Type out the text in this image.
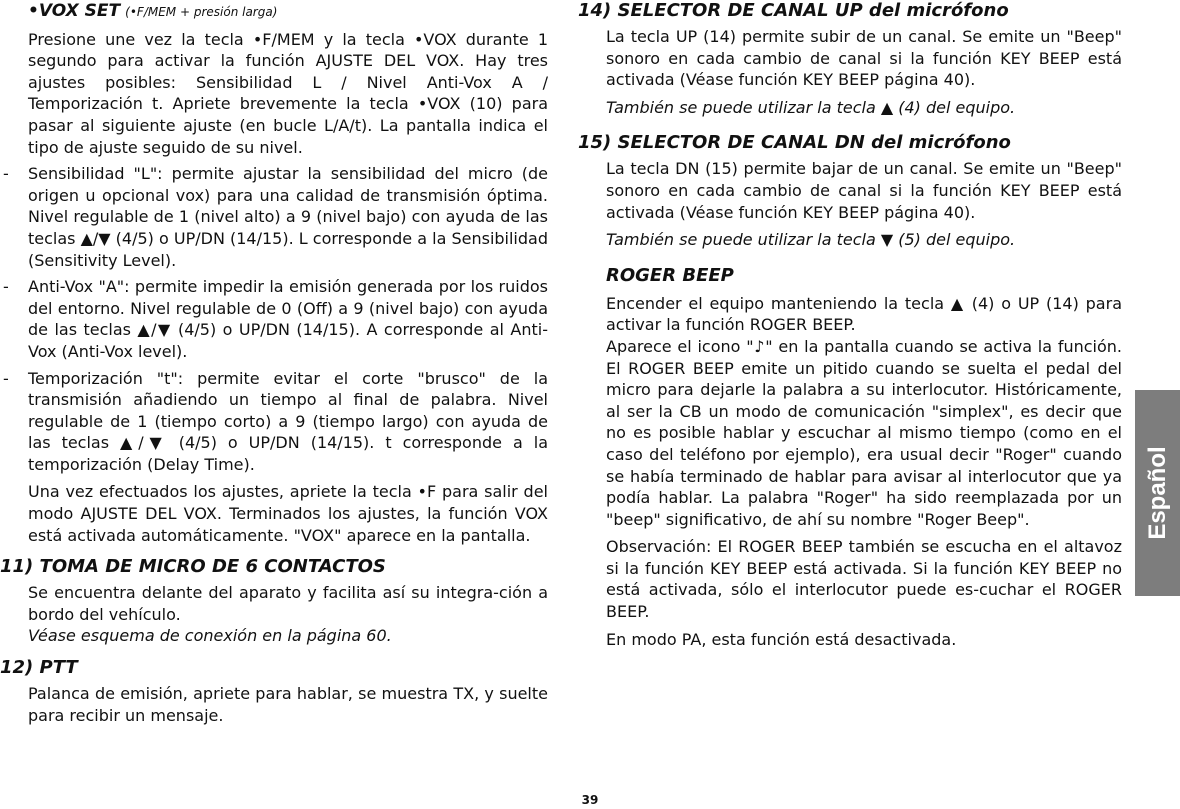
•VOX SET (•F/MEM + presión larga)

Presione une vez la tecla •F/MEM y la tecla •VOX durante 1 segundo para activar la función AJUSTE DEL VOX. Hay tres ajustes posibles: Sensibilidad L / Nivel Anti-Vox A / Temporización t. Apriete brevemente la tecla •VOX (10) para pasar al siguiente ajuste (en bucle L/A/t). La pantalla indica el tipo de ajuste seguido de su nivel.

- Sensibilidad "L": permite ajustar la sensibilidad del micro (de origen u opcional vox) para una calidad de transmisión óptima. Nivel regulable de 1 (nivel alto) a 9 (nivel bajo) con ayuda de las teclas ▲/▼ (4/5) o UP/DN (14/15). L corresponde a la Sensibilidad (Sensitivity Level).
- Anti-Vox "A": permite impedir la emisión generada por los ruidos del entorno. Nivel regulable de 0 (Off) a 9 (nivel bajo) con ayuda de las teclas ▲/▼ (4/5) o UP/DN (14/15). A corresponde al Anti-Vox (Anti-Vox level).
- Temporización "t": permite evitar el corte "brusco" de la transmisión añadiendo un tiempo al final de palabra. Nivel regulable de 1 (tiempo corto) a 9 (tiempo largo) con ayuda de las teclas ▲/▼ (4/5) o UP/DN (14/15). t corresponde a la temporización (Delay Time).

Una vez efectuados los ajustes, apriete la tecla •F para salir del modo AJUSTE DEL VOX. Terminados los ajustes, la función VOX está activada automáticamente. "VOX" aparece en la pantalla.

11) TOMA DE MICRO DE 6 CONTACTOS

Se encuentra delante del aparato y facilita así su integra-ción a bordo del vehículo.

Véase esquema de conexión en la página 60.

12) PTT

Palanca de emisión, apriete para hablar, se muestra TX, y suelte para recibir un mensaje.

14) SELECTOR DE CANAL UP del micrófono

La tecla UP (14) permite subir de un canal. Se emite un "Beep" sonoro en cada cambio de canal si la función KEY BEEP está activada (Véase función KEY BEEP página 40).

También se puede utilizar la tecla ▲ (4) del equipo.

15) SELECTOR DE CANAL DN del micrófono

La tecla DN (15) permite bajar de un canal. Se emite un "Beep" sonoro en cada cambio de canal si la función KEY BEEP está activada (Véase función KEY BEEP página 40).

También se puede utilizar la tecla ▼ (5) del equipo.

ROGER BEEP

Encender el equipo manteniendo la tecla ▲ (4) o UP (14) para activar la función ROGER BEEP.

Aparece el icono "♪" en la pantalla cuando se activa la función. El ROGER BEEP emite un pitido cuando se suelta el pedal del micro para dejarle la palabra a su interlocutor. Históricamente, al ser la CB un modo de comunicación "simplex", es decir que no es posible hablar y escuchar al mismo tiempo (como en el caso del teléfono por ejemplo), era usual decir "Roger" cuando se había terminado de hablar para avisar al interlocutor que ya podía hablar. La palabra "Roger" ha sido reemplazada por un "beep" significativo, de ahí su nombre "Roger Beep".

Observación: El ROGER BEEP también se escucha en el altavoz si la función KEY BEEP está activada. Si la función KEY BEEP no está activada, sólo el interlocutor puede es-cuchar el ROGER BEEP.

En modo PA, esta función está desactivada.

Español
39
